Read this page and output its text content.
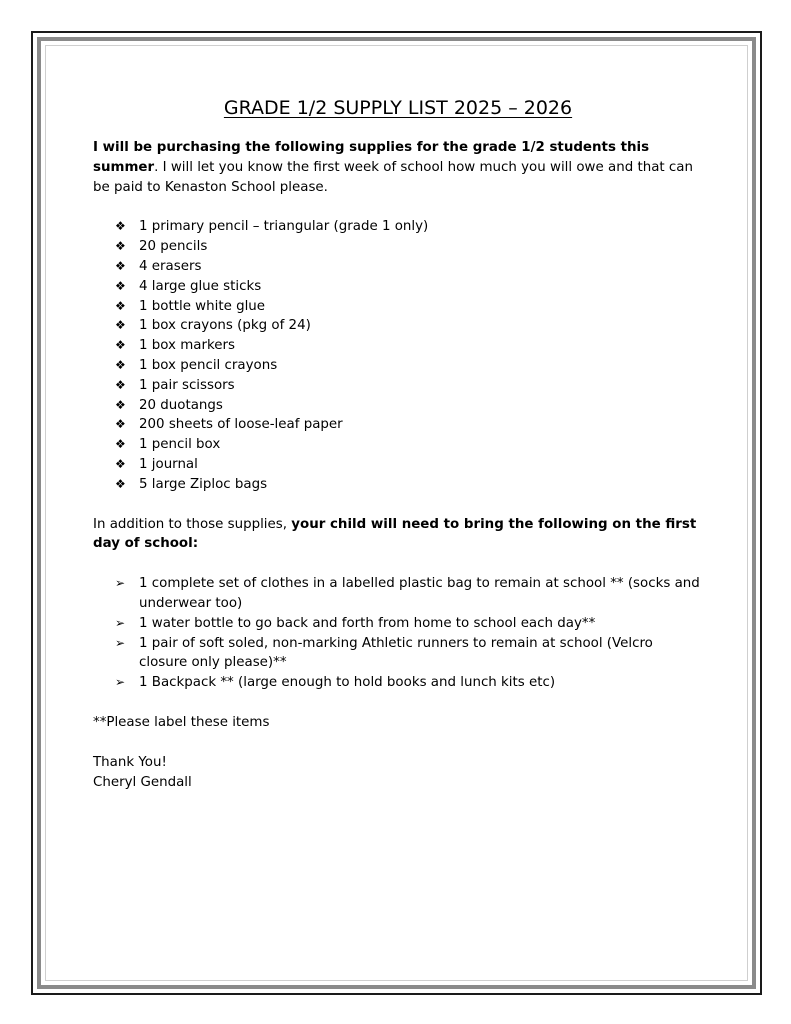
GRADE 1/2 SUPPLY LIST 2025 – 2026

I will be purchasing the following supplies for the grade 1/2 students this summer. I will let you know the first week of school how much you will owe and that can be paid to Kenaston School please.

❖ 1 primary pencil – triangular (grade 1 only)
❖ 20 pencils
❖ 4 erasers
❖ 4 large glue sticks
❖ 1 bottle white glue
❖ 1 box crayons (pkg of 24)
❖ 1 box markers
❖ 1 box pencil crayons
❖ 1 pair scissors
❖ 20 duotangs
❖ 200 sheets of loose-leaf paper
❖ 1 pencil box
❖ 1 journal
❖ 5 large Ziploc bags

In addition to those supplies, your child will need to bring the following on the first day of school:

➢ 1 complete set of clothes in a labelled plastic bag to remain at school ** (socks and underwear too)
➢ 1 water bottle to go back and forth from home to school each day**
➢ 1 pair of soft soled, non-marking Athletic runners to remain at school (Velcro closure only please)**
➢ 1 Backpack ** (large enough to hold books and lunch kits etc)

**Please label these items

Thank You!

Cheryl Gendall
